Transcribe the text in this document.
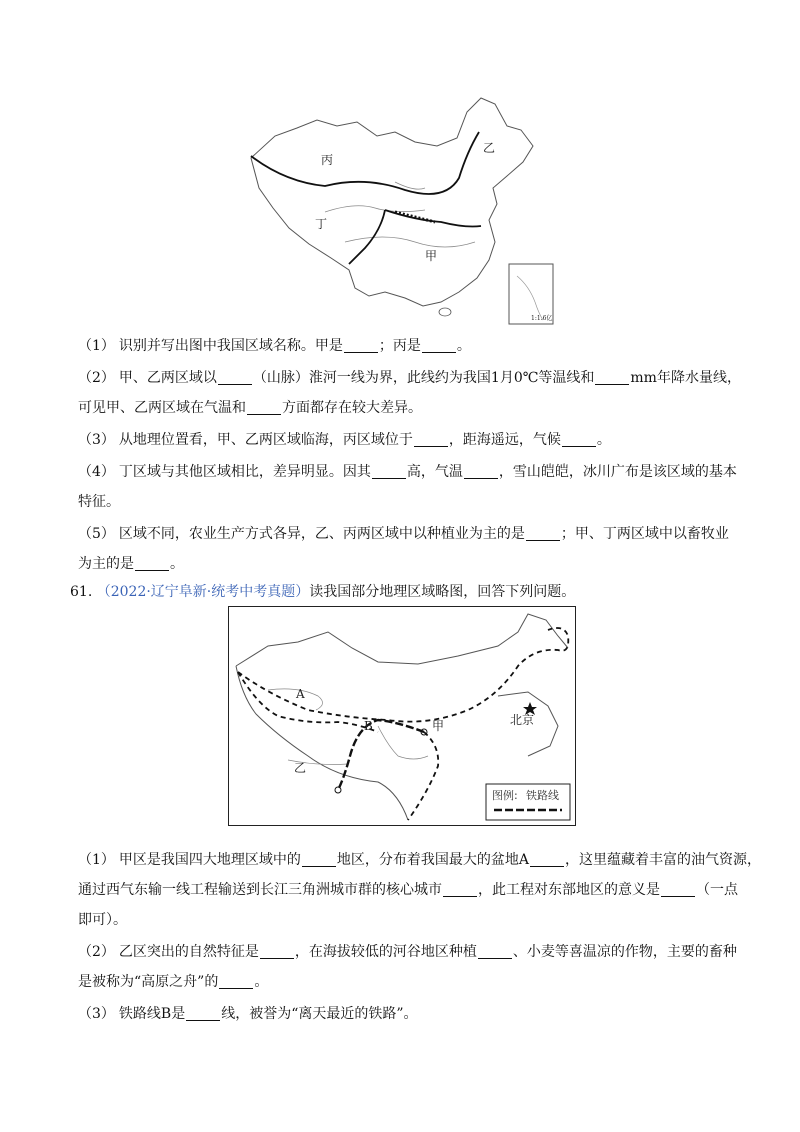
1:1.6亿
丙
乙
丁
甲
（1） 识别并写出图中我国区域名称。甲是	；丙是	。
（2） 甲、乙两区域以	（山脉）淮河一线为界，此线约为我国1月0℃等温线和	mm年降水量线，
可见甲、乙两区域在气温和	方面都存在较大差异。
（3） 从地理位置看，甲、乙两区域临海，丙区域位于	，距海遥远，气候	。
（4） 丁区域与其他区域相比，差异明显。因其	高，气温	，雪山皑皑，冰川广布是该区域的基本
特征。
（5） 区域不同，农业生产方式各异，乙、丙两区域中以种植业为主的是	；甲、丁两区域中以畜牧业
为主的是	。
61. （2022·辽宁阜新·统考中考真题）读我国部分地理区域略图，回答下列问题。
A
B	甲
乙
北京
图例: 铁路线
（1） 甲区是我国四大地理区域中的	地区，分布着我国最大的盆地A	，这里蕴藏着丰富的油气资源，
通过西气东输一线工程输送到长江三角洲城市群的核心城市	，此工程对东部地区的意义是	（一点
即可）。
（2） 乙区突出的自然特征是	，在海拔较低的河谷地区种植	、小麦等喜温凉的作物，主要的畜种
是被称为“高原之舟”的	。
（3） 铁路线B是	线，被誉为“离天最近的铁路”。
